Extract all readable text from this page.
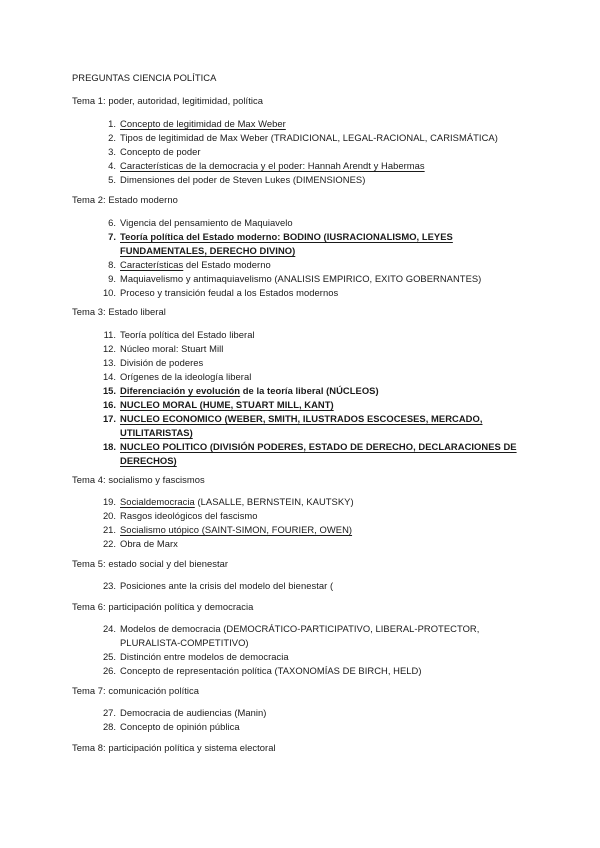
PREGUNTAS CIENCIA POLÍTICA
Tema 1: poder, autoridad, legitimidad, política
1. Concepto de legitimidad de Max Weber
2. Tipos de legitimidad de Max Weber (TRADICIONAL, LEGAL-RACIONAL, CARISMÁTICA)
3. Concepto de poder
4. Características de la democracia y el poder: Hannah Arendt y Habermas
5. Dimensiones del poder de Steven Lukes (DIMENSIONES)
Tema 2: Estado moderno
6. Vigencia del pensamiento de Maquiavelo
7. Teoría política del Estado moderno: BODINO (IUSRACIONALISMO, LEYES FUNDAMENTALES, DERECHO DIVINO)
8. Características del Estado moderno
9. Maquiavelismo y antimaquiavelismo (ANALISIS EMPIRICO, EXITO GOBERNANTES)
10. Proceso y transición feudal a los Estados modernos
Tema 3: Estado liberal
11. Teoría política del Estado liberal
12. Núcleo moral: Stuart Mill
13. División de poderes
14. Orígenes de la ideología liberal
15. Diferenciación y evolución de la teoría liberal (NÚCLEOS)
16. NUCLEO MORAL (HUME, STUART MILL, KANT)
17. NUCLEO ECONOMICO (WEBER, SMITH, ILUSTRADOS ESCOCESES, MERCADO, UTILITARISTAS)
18. NUCLEO POLITICO (DIVISIÓN PODERES, ESTADO DE DERECHO, DECLARACIONES DE DERECHOS)
Tema 4: socialismo y fascismos
19. Socialdemocracia (LASALLE, BERNSTEIN, KAUTSKY)
20. Rasgos ideológicos del fascismo
21. Socialismo utópico (SAINT-SIMON, FOURIER, OWEN)
22. Obra de Marx
Tema 5: estado social y del bienestar
23. Posiciones ante la crisis del modelo del bienestar (
Tema 6: participación política y democracia
24. Modelos de democracia (DEMOCRÁTICO-PARTICIPATIVO, LIBERAL-PROTECTOR, PLURALISTA-COMPETITIVO)
25. Distinción entre modelos de democracia
26. Concepto de representación política (TAXONOMÍAS DE BIRCH, HELD)
Tema 7: comunicación política
27. Democracia de audiencias (Manin)
28. Concepto de opinión pública
Tema 8: participación política y sistema electoral
